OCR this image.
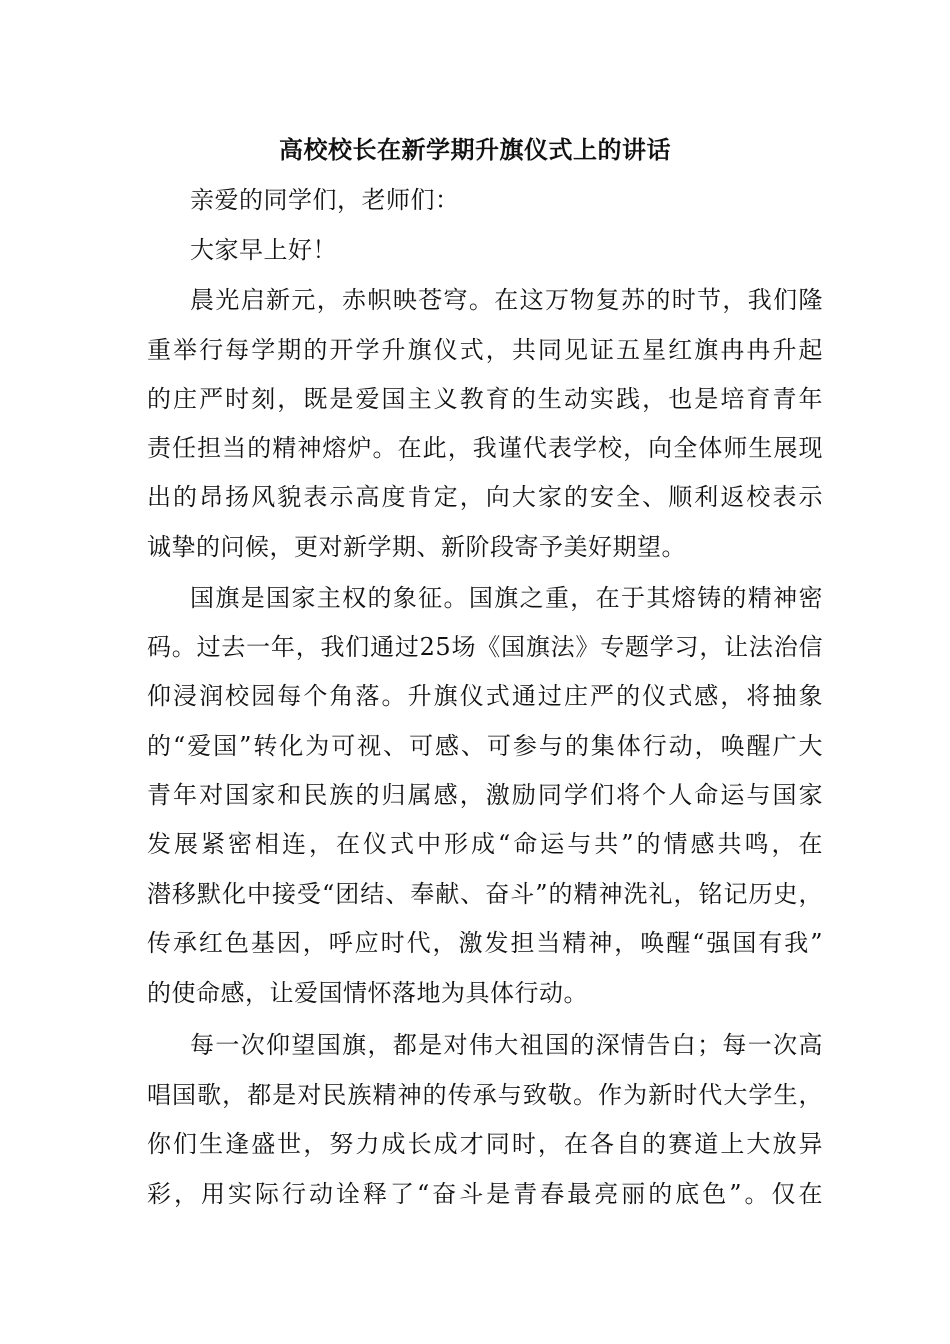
高校校长在新学期升旗仪式上的讲话
亲爱的同学们，老师们：
大家早上好！
晨光启新元，赤帜映苍穹。在这万物复苏的时节，我们隆
重举行每学期的开学升旗仪式，共同见证五星红旗冉冉升起
的庄严时刻，既是爱国主义教育的生动实践，也是培育青年
责任担当的精神熔炉。在此，我谨代表学校，向全体师生展现
出的昂扬风貌表示高度肯定，向大家的安全、顺利返校表示
诚挚的问候，更对新学期、新阶段寄予美好期望。
国旗是国家主权的象征。国旗之重，在于其熔铸的精神密
码。过去一年，我们通过25场《国旗法》专题学习，让法治信
仰浸润校园每个角落。升旗仪式通过庄严的仪式感，将抽象
的“爱国”转化为可视、可感、可参与的集体行动，唤醒广大
青年对国家和民族的归属感，激励同学们将个人命运与国家
发展紧密相连，在仪式中形成“命运与共”的情感共鸣，在
潜移默化中接受“团结、奉献、奋斗”的精神洗礼，铭记历史，
传承红色基因，呼应时代，激发担当精神，唤醒“强国有我”
的使命感，让爱国情怀落地为具体行动。
每一次仰望国旗，都是对伟大祖国的深情告白；每一次高
唱国歌，都是对民族精神的传承与致敬。作为新时代大学生，
你们生逢盛世，努力成长成才同时，在各自的赛道上大放异
彩，用实际行动诠释了“奋斗是青春最亮丽的底色”。仅在
